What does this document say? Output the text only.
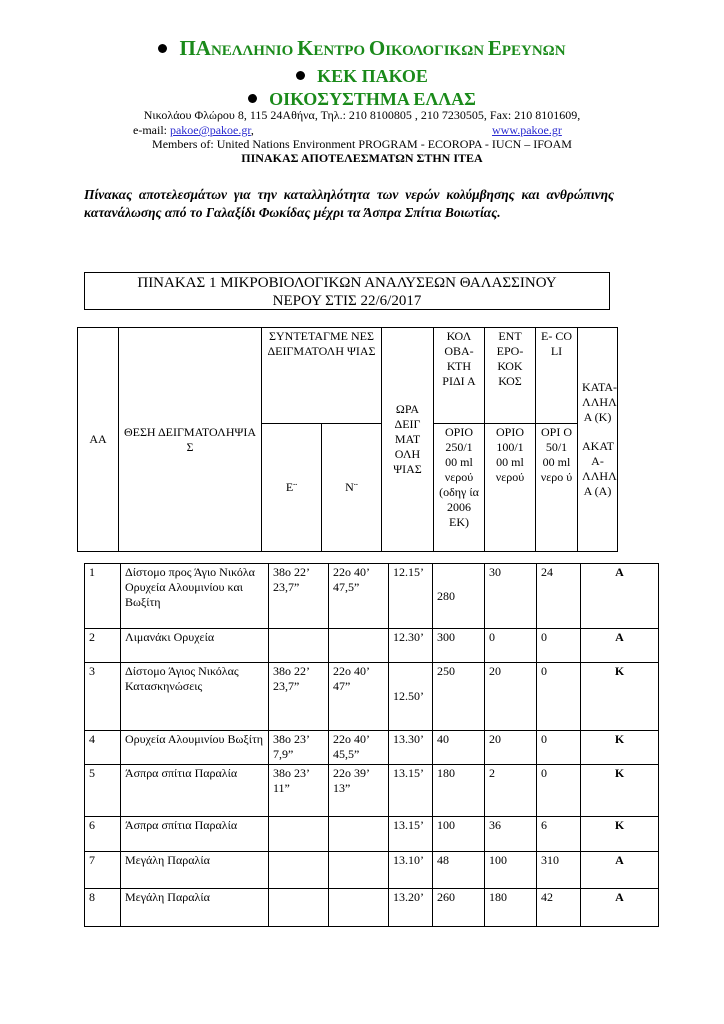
ΠΑΝΕΛΛΗΝΙΟ ΚΕΝΤΡΟ ΟΙΚΟΛΟΓΙΚΩΝ ΕΡΕΥΝΩΝ
ΚΕΚ ΠΑΚΟΕ
ΟΙΚΟΣΥΣΤΗΜΑ ΕΛΛΑΣ
Νικολάου Φλώρου 8, 115 24Αθήνα, Τηλ.: 210 8100805 , 210 7230505, Fax: 210 8101609,
e-mail: pakoe@pakoe.gr,	www.pakoe.gr
Members of: United Nations Environment PROGRAM - ECOROPA - IUCN – IFOAM
ΠΙΝΑΚΑΣ ΑΠΟΤΕΛΕΣΜΑΤΩΝ ΣΤΗΝ ΙΤΕΑ
Πίνακας αποτελεσμάτων για την καταλληλότητα των νερών κολύμβησης και ανθρώπινης κατανάλωσης από το Γαλαξίδι Φωκίδας μέχρι τα Άσπρα Σπίτια Βοιωτίας.
ΠΙΝΑΚΑΣ 1 ΜΙΚΡΟΒΙΟΛΟΓΙΚΩΝ ΑΝΑΛΥΣΕΩΝ ΘΑΛΑΣΣΙΝΟΥ
ΝΕΡΟΥ ΣΤΙΣ 22/6/2017
ΑΑ	ΘΕΣΗ ΔΕΙΓΜΑΤΟΛΗΨΙΑ Σ	ΣΥΝΤΕΤΑΓΜΕ ΝΕΣ ΔΕΙΓΜΑΤΟΛΗ ΨΙΑΣ		ΩΡΑ ΔΕΙΓ ΜΑΤ ΟΛΗ ΨΙΑΣ	ΚΟΛ ΟΒΑ- ΚΤΗ ΡΙΔΙ Α	ΕΝΤ ΕΡΟ- ΚΟΚ ΚΟΣ	E- CO LI	ΚΑΤΑ- ΛΛΗΛ Α (Κ)
ΑΚΑΤ Α- ΛΛΗΛ Α (Α)

		Ε¨	Ν¨		ΟΡΙΟ 250/1 00 ml νερού (οδηγ ία 2006 ΕΚ)	ΟΡΙΟ 100/1 00 ml νερού	ΟΡΙ Ο 50/1 00 ml νερο ύ	
1	Δίστομο προς Άγιο Νικόλα Ορυχεία Αλουμινίου και Βωξίτη	38ο 22’ 23,7”	22ο 40’ 47,5”	12.15’	280	30	24	Α
2	Λιμανάκι Ορυχεία			12.30’	300	0	0	Α
3	Δίστομο Άγιος Νικόλας Κατασκηνώσεις	38ο 22’ 23,7”	22ο 40’ 47”	12.50’	250	20	0	Κ
4	Ορυχεία Αλουμινίου Βωξίτη	38ο 23’ 7,9”	22ο 40’ 45,5”	13.30’	40	20	0	Κ
5	Άσπρα σπίτια Παραλία	38ο 23’ 11”	22ο 39’ 13”	13.15’	180	2	0	Κ
6	Άσπρα σπίτια Παραλία			13.15’	100	36	6	Κ
7	Μεγάλη Παραλία			13.10’	48	100	310	Α
8	Μεγάλη Παραλία			13.20’	260	180	42	Α
